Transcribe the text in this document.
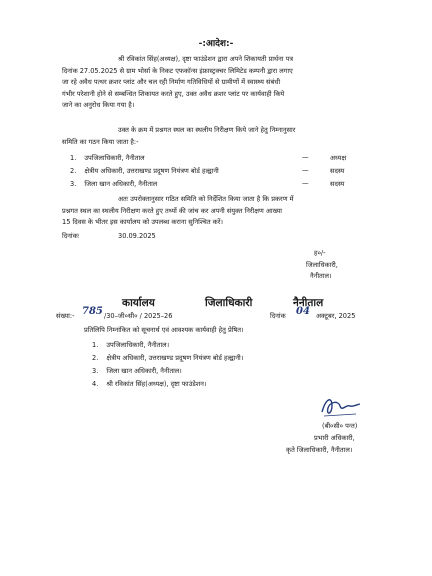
-:आदेश:-
श्री रविकांत सिंह(अध्यक्ष), दृष्टा फाउंडेशन द्वारा अपने शिकायती प्रार्थना पत्र
दिनांक 27.05.2025 से ग्राम भोर्सा के निकट एफकॉन्स इंफ्रास्ट्रक्चर लिमिटेड कम्पनी द्वारा लगाए
जा रहे अवैध पत्थर क्रशर प्लांट और चल रही निर्माण गतिविधियों से ग्रामीणों में स्वास्थ्य संबंधी
गंभीर परेशानी होने से सम्बन्धित शिकायत करते हुए, उक्त अवैध क्रशर प्लांट पर कार्यवाही किये
जाने का अनुरोध किया गया है।
उक्त के क्रम में प्रश्नगत स्थल का स्थलीय निरीक्षण किये जाने हेतु निम्नानुसार
समिति का गठन किया जाता है:-
1. उपजिलाधिकारी, नैनीताल	—	अध्यक्ष
2. क्षेत्रीय अधिकारी, उत्तराखण्ड प्रदूषण नियंत्रण बोर्ड हल्द्वानी	—	सदस्य
3. जिला खान अधिकारी, नैनीताल	—	सदस्य
अतः उपरोक्तानुसार गठित समिति को निर्देशित किया जाता है कि प्रकरण में
प्रश्नगत स्थल का स्थलीय निरीक्षण करते हुए तथ्यों की जांच कर अपनी संयुक्त निरीक्षण आख्या
15 दिवस के भीतर इस कार्यालय को उपलब्ध कराना सुनिश्चित करें।
दिनांकः	30.09.2025
ह०/-
जिलाधिकारी,
नैनीताल।
कार्यालय	जिलाधिकारी	नैनीताल
संख्या:- 785 /30–जी०सी० / 2025–26	दिनांक 04 अक्टूबर, 2025
प्रतिलिपि निम्नांकित को सूचनार्थ एवं आवश्यक कार्यवाही हेतु प्रेषित।
1. उपजिलाधिकारी, नैनीताल।
2. क्षेत्रीय अधिकारी, उत्तराखण्ड प्रदूषण नियंत्रण बोर्ड हल्द्वानी।
3. जिला खान अधिकारी, नैनीताल।
4. श्री रविकांत सिंह(अध्यक्ष), दृष्टा फाउंडेशन।
(बी०सी० पन्त)
प्रभारी अधिकारी,
कृते जिलाधिकारी, नैनीताल।
